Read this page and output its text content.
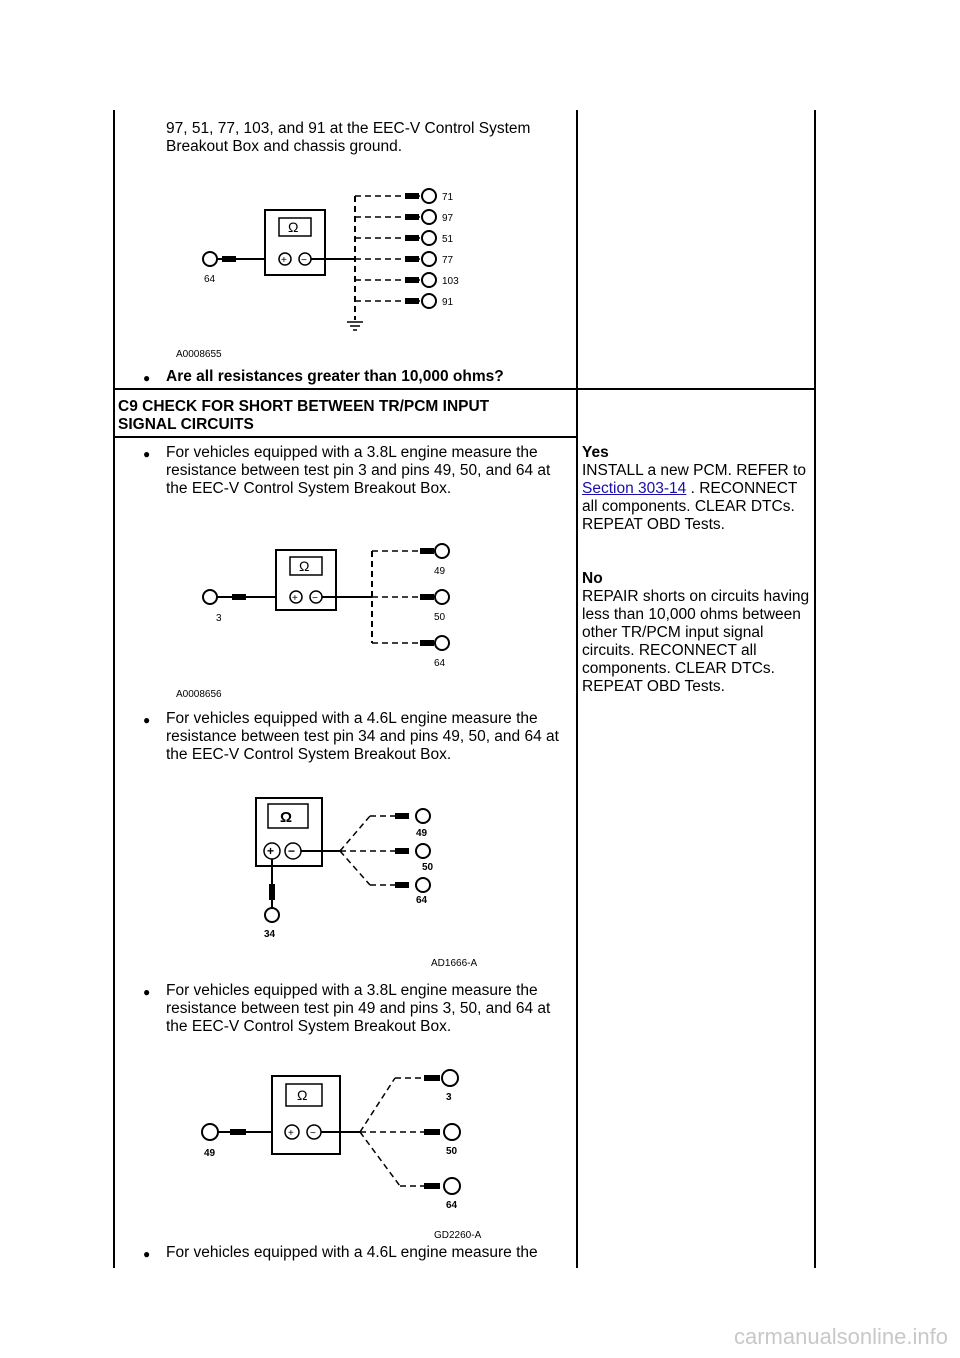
97, 51, 77, 103, and 91 at the EEC-V Control System Breakout Box and chassis ground.
64
Ω
+ −
71
97
51
77
103
91
A0008655
● Are all resistances greater than 10,000 ohms?
C9 CHECK FOR SHORT BETWEEN TR/PCM INPUT SIGNAL CIRCUITS
● For vehicles equipped with a 3.8L engine measure the resistance between test pin 3 and pins 49, 50, and 64 at the EEC-V Control System Breakout Box.
3
Ω
+ −
49
50
64
A0008656
● For vehicles equipped with a 4.6L engine measure the resistance between test pin 34 and pins 49, 50, and 64 at the EEC-V Control System Breakout Box.
Ω
+ −
34
49
50
64
AD1666-A
● For vehicles equipped with a 3.8L engine measure the resistance between test pin 49 and pins 3, 50, and 64 at the EEC-V Control System Breakout Box.
49
Ω
+ −
3
50
64
GD2260-A
● For vehicles equipped with a 4.6L engine measure the
Yes
INSTALL a new PCM. REFER to Section 303-14 . RECONNECT all components. CLEAR DTCs. REPEAT OBD Tests.
No
REPAIR shorts on circuits having less than 10,000 ohms between other TR/PCM input signal circuits. RECONNECT all components. CLEAR DTCs. REPEAT OBD Tests.
carmanualsonline.info
